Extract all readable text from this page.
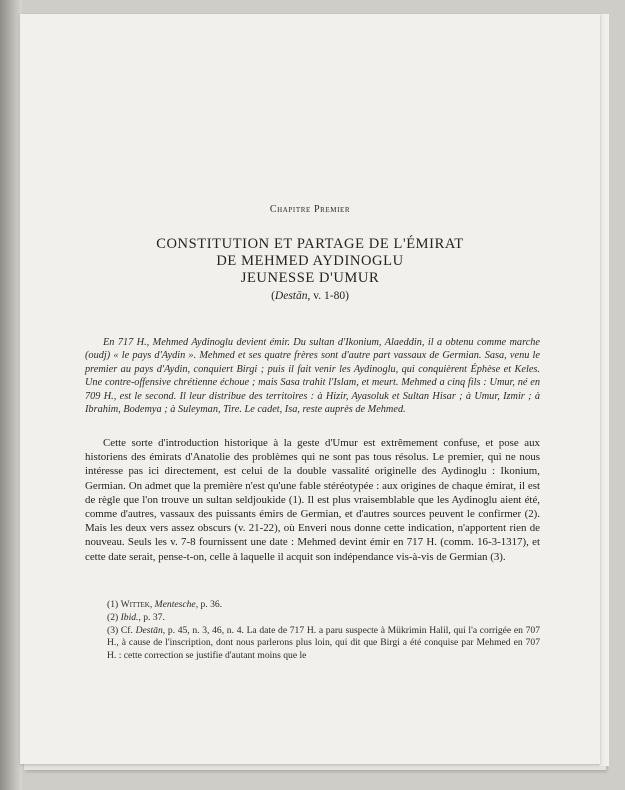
Chapitre Premier
CONSTITUTION ET PARTAGE DE L'ÉMIRAT
DE MEHMED AYDINOGLU
JEUNESSE D'UMUR
(Destān, v. 1-80)

En 717 H., Mehmed Aydinoglu devient émir. Du sultan d'Ikonium, Alaeddin, il a obtenu comme marche (oudj) « le pays d'Aydin ». Mehmed et ses quatre frères sont d'autre part vassaux de Germian. Sasa, venu le premier au pays d'Aydin, conquiert Birgi ; puis il fait venir les Aydinoglu, qui conquièrent Éphèse et Keles. Une contre-offensive chrétienne échoue ; mais Sasa trahit l'Islam, et meurt. Mehmed a cinq fils : Umur, né en 709 H., est le second. Il leur distribue des territoires : à Hizir, Ayasoluk et Sultan Hisar ; à Umur, Izmir ; à Ibrahim, Bodemya ; à Suleyman, Tire. Le cadet, Isa, reste auprès de Mehmed.

Cette sorte d'introduction historique à la geste d'Umur est extrêmement confuse, et pose aux historiens des émirats d'Anatolie des problèmes qui ne sont pas tous résolus. Le premier, qui ne nous intéresse pas ici directement, est celui de la double vassalité originelle des Aydinoglu : Ikonium, Germian. On admet que la première n'est qu'une fable stéréotypée : aux origines de chaque émirat, il est de règle que l'on trouve un sultan seldjoukide (1). Il est plus vraisemblable que les Aydinoglu aient été, comme d'autres, vassaux des puissants émirs de Germian, et d'autres sources peuvent le confirmer (2). Mais les deux vers assez obscurs (v. 21-22), où Enveri nous donne cette indication, n'apportent rien de nouveau. Seuls les v. 7-8 fournissent une date : Mehmed devint émir en 717 H. (comm. 16-3-1317), et cette date serait, pense-t-on, celle à laquelle il acquit son indépendance vis-à-vis de Germian (3).

(1) Wittek, Mentesche, p. 36.

(2) Ibid., p. 37.

(3) Cf. Destān, p. 45, n. 3, 46, n. 4. La date de 717 H. a paru suspecte à Mükrimin Halil, qui l'a corrigée en 707 H., à cause de l'inscription, dont nous parlerons plus loin, qui dit que Birgi a été conquise par Mehmed en 707 H. : cette correction se justifie d'autant moins que le
